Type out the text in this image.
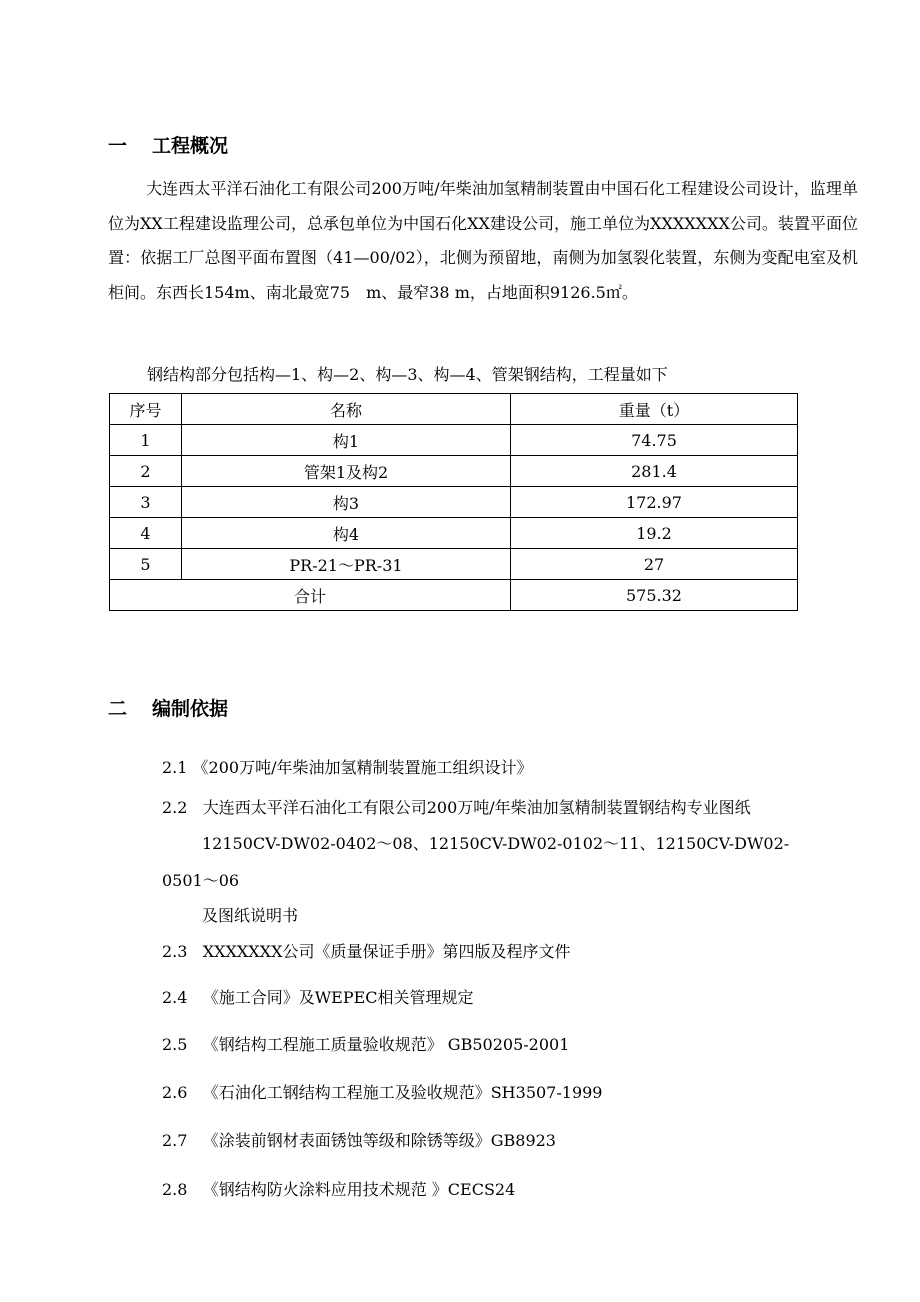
一 工程概况
大连西太平洋石油化工有限公司200万吨/年柴油加氢精制装置由中国石化工程建设公司设计，监理单位为XX工程建设监理公司，总承包单位为中国石化XX建设公司，施工单位为XXXXXXX公司。装置平面位置：依据工厂总图平面布置图（41—00/02），北侧为预留地，南侧为加氢裂化装置，东侧为变配电室及机柜间。东西长154m、南北最宽75　m、最窄38 m，占地面积9126.5㎡。
钢结构部分包括构—1、构—2、构—3、构—4、管架钢结构，工程量如下
序号	名称	重量（t）
1	构1	74.75
2	管架1及构2	281.4
3	构3	172.97
4	构4	19.2
5	PR-21～PR-31	27
合计		575.32
二 编制依据
2.1 《200万吨/年柴油加氢精制装置施工组织设计》
2.2 大连西太平洋石油化工有限公司200万吨/年柴油加氢精制装置钢结构专业图纸
12150CV-DW02-0402～08、12150CV-DW02-0102～11、12150CV-DW02-
0501～06
及图纸说明书
2.3 XXXXXXX公司《质量保证手册》第四版及程序文件
2.4 《施工合同》及WEPEC相关管理规定
2.5 《钢结构工程施工质量验收规范》 GB50205-2001
2.6 《石油化工钢结构工程施工及验收规范》SH3507-1999
2.7 《涂装前钢材表面锈蚀等级和除锈等级》GB8923
2.8 《钢结构防火涂料应用技术规范 》CECS24
